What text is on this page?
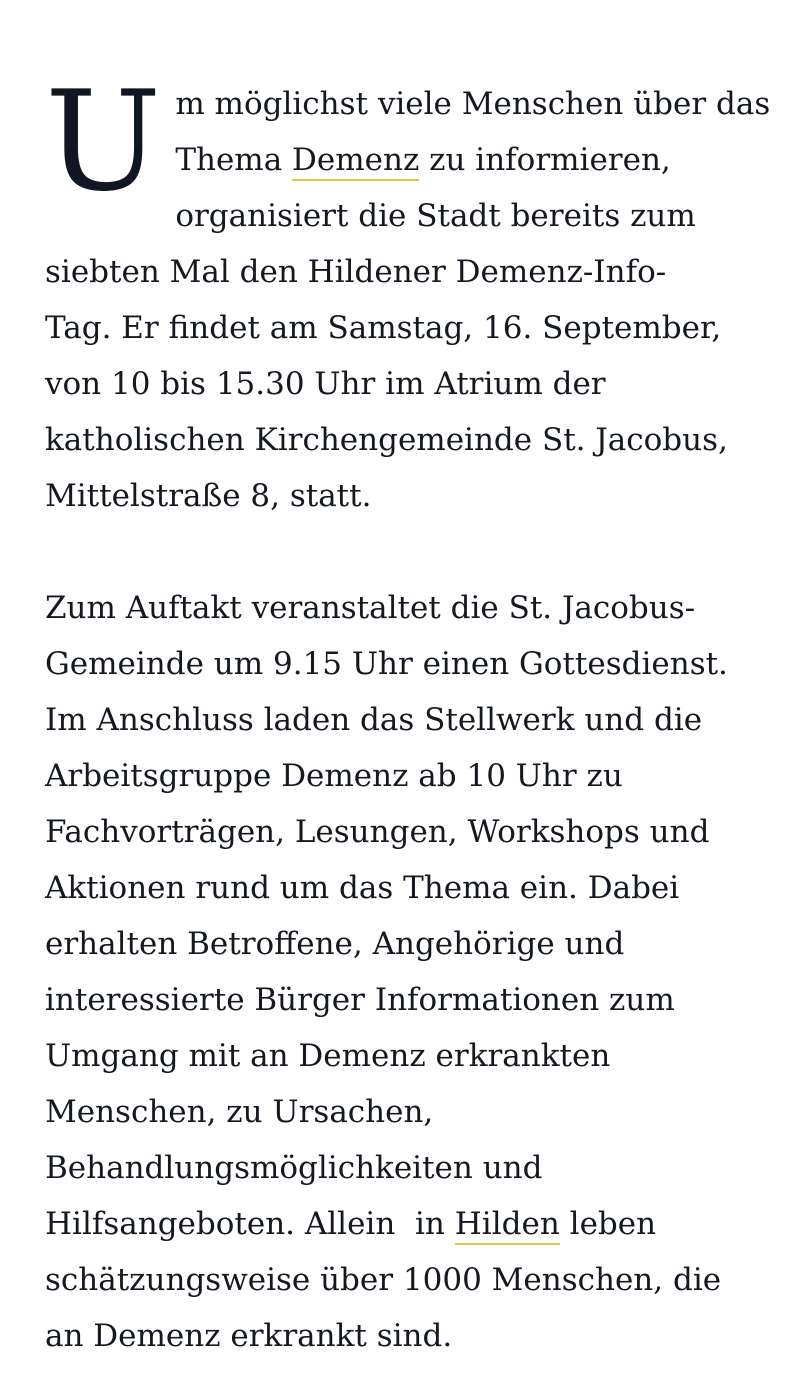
U m möglichst viele Menschen über das
Thema Demenz zu informieren,
organisiert die Stadt bereits zum
siebten Mal den Hildener Demenz-Info-
Tag. Er findet am Samstag, 16. September,
von 10 bis 15.30 Uhr im Atrium der
katholischen Kirchengemeinde St. Jacobus,
Mittelstraße 8, statt.

Zum Auftakt veranstaltet die St. Jacobus-
Gemeinde um 9.15 Uhr einen Gottesdienst.
Im Anschluss laden das Stellwerk und die
Arbeitsgruppe Demenz ab 10 Uhr zu
Fachvorträgen, Lesungen, Workshops und
Aktionen rund um das Thema ein. Dabei
erhalten Betroffene, Angehörige und
interessierte Bürger Informationen zum
Umgang mit an Demenz erkrankten
Menschen, zu Ursachen,
Behandlungsmöglichkeiten und
Hilfsangeboten. Allein  in Hilden leben
schätzungsweise über 1000 Menschen, die
an Demenz erkrankt sind.
